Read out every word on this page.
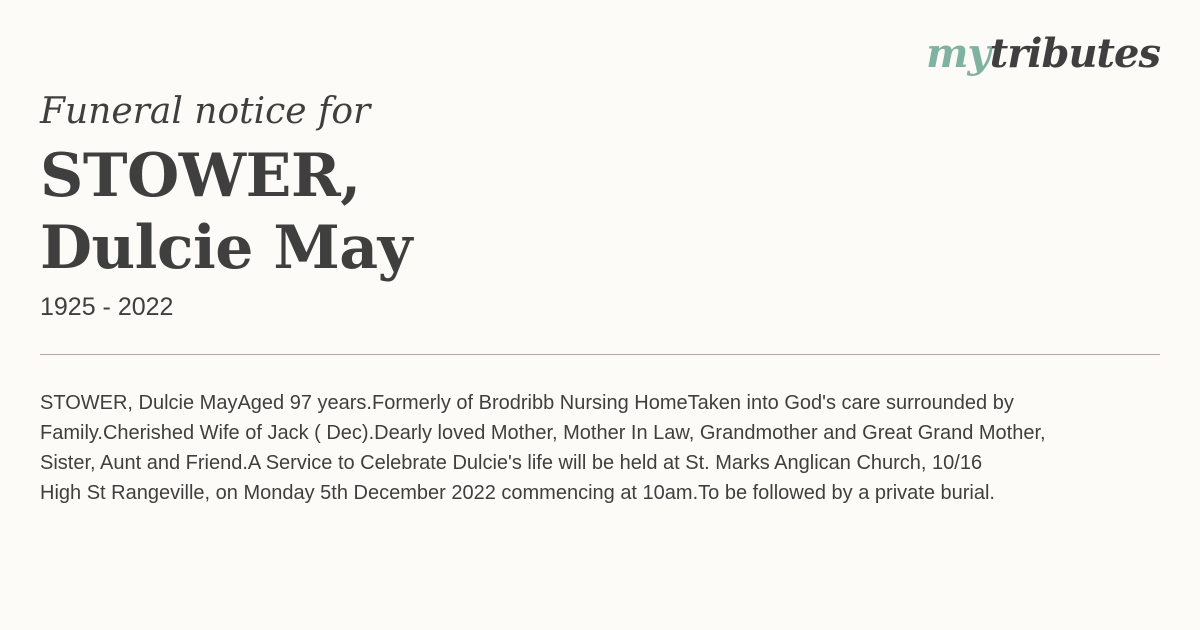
mytributes
Funeral notice for
STOWER,
Dulcie May
1925 - 2022

STOWER, Dulcie MayAged 97 years.Formerly of Brodribb Nursing HomeTaken into God's care surrounded by
Family.Cherished Wife of Jack ( Dec).Dearly loved Mother, Mother In Law, Grandmother and Great Grand Mother,
Sister, Aunt and Friend.A Service to Celebrate Dulcie's life will be held at St. Marks Anglican Church, 10/16
High St Rangeville, on Monday 5th December 2022 commencing at 10am.To be followed by a private burial.
